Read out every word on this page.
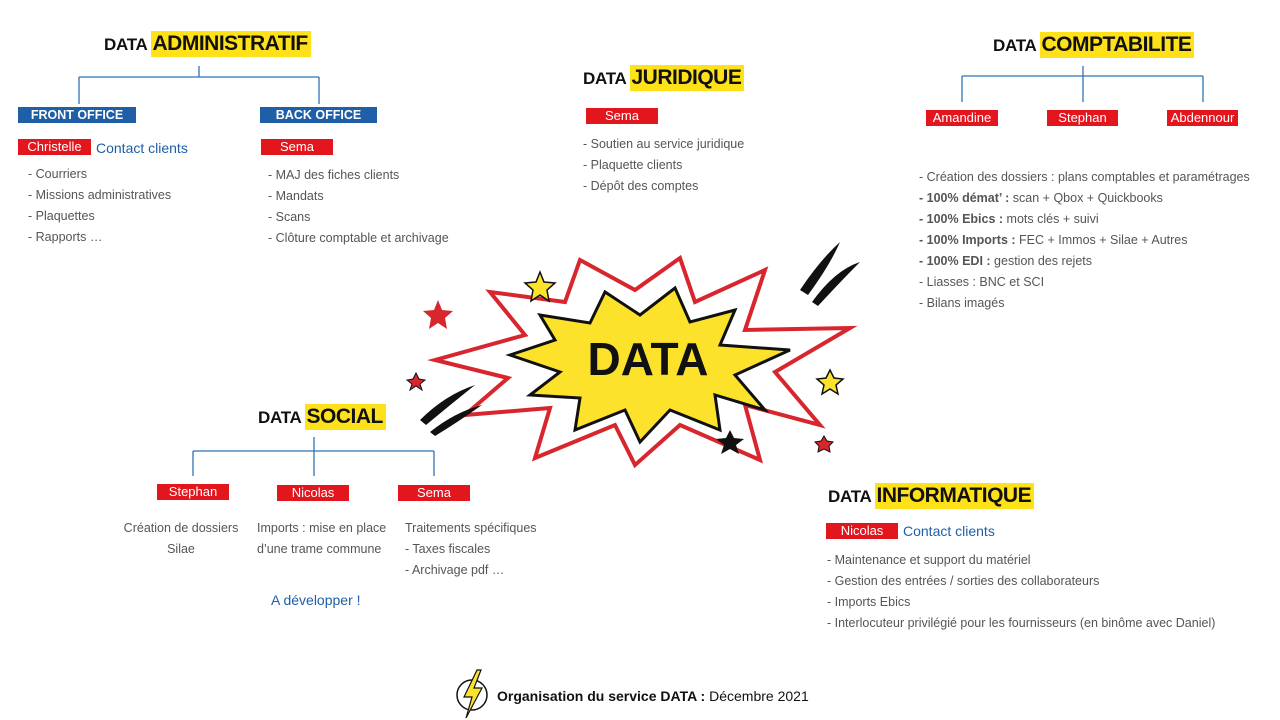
DATA ADMINISTRATIF
FRONT OFFICE	BACK OFFICE
Christelle	Contact clients
- Courriers
- Missions administratives
- Plaquettes
- Rapports …
Sema
- MAJ des fiches clients
- Mandats
- Scans
- Clôture comptable et archivage
DATA JURIDIQUE
Sema
- Soutien au service juridique
- Plaquette clients
- Dépôt des comptes
DATA COMPTABILITE
Amandine	Stephan	Abdennour
- Création des dossiers : plans comptables et paramétrages
- 100% démat’ : scan + Qbox + Quickbooks
- 100% Ebics : mots clés + suivi
- 100% Imports : FEC + Immos + Silae + Autres
- 100% EDI : gestion des rejets
- Liasses : BNC et SCI
- Bilans imagés
DATA
DATA SOCIAL
Stephan	Nicolas	Sema
Création de dossiers
Silae
Imports : mise en place
d’une trame commune
Traitements spécifiques
- Taxes fiscales
- Archivage pdf …
A développer !
DATA INFORMATIQUE
Nicolas	Contact clients
- Maintenance et support du matériel
- Gestion des entrées / sorties des collaborateurs
- Imports Ebics
- Interlocuteur privilégié pour les fournisseurs (en binôme avec Daniel)
Organisation du service DATA : Décembre 2021
